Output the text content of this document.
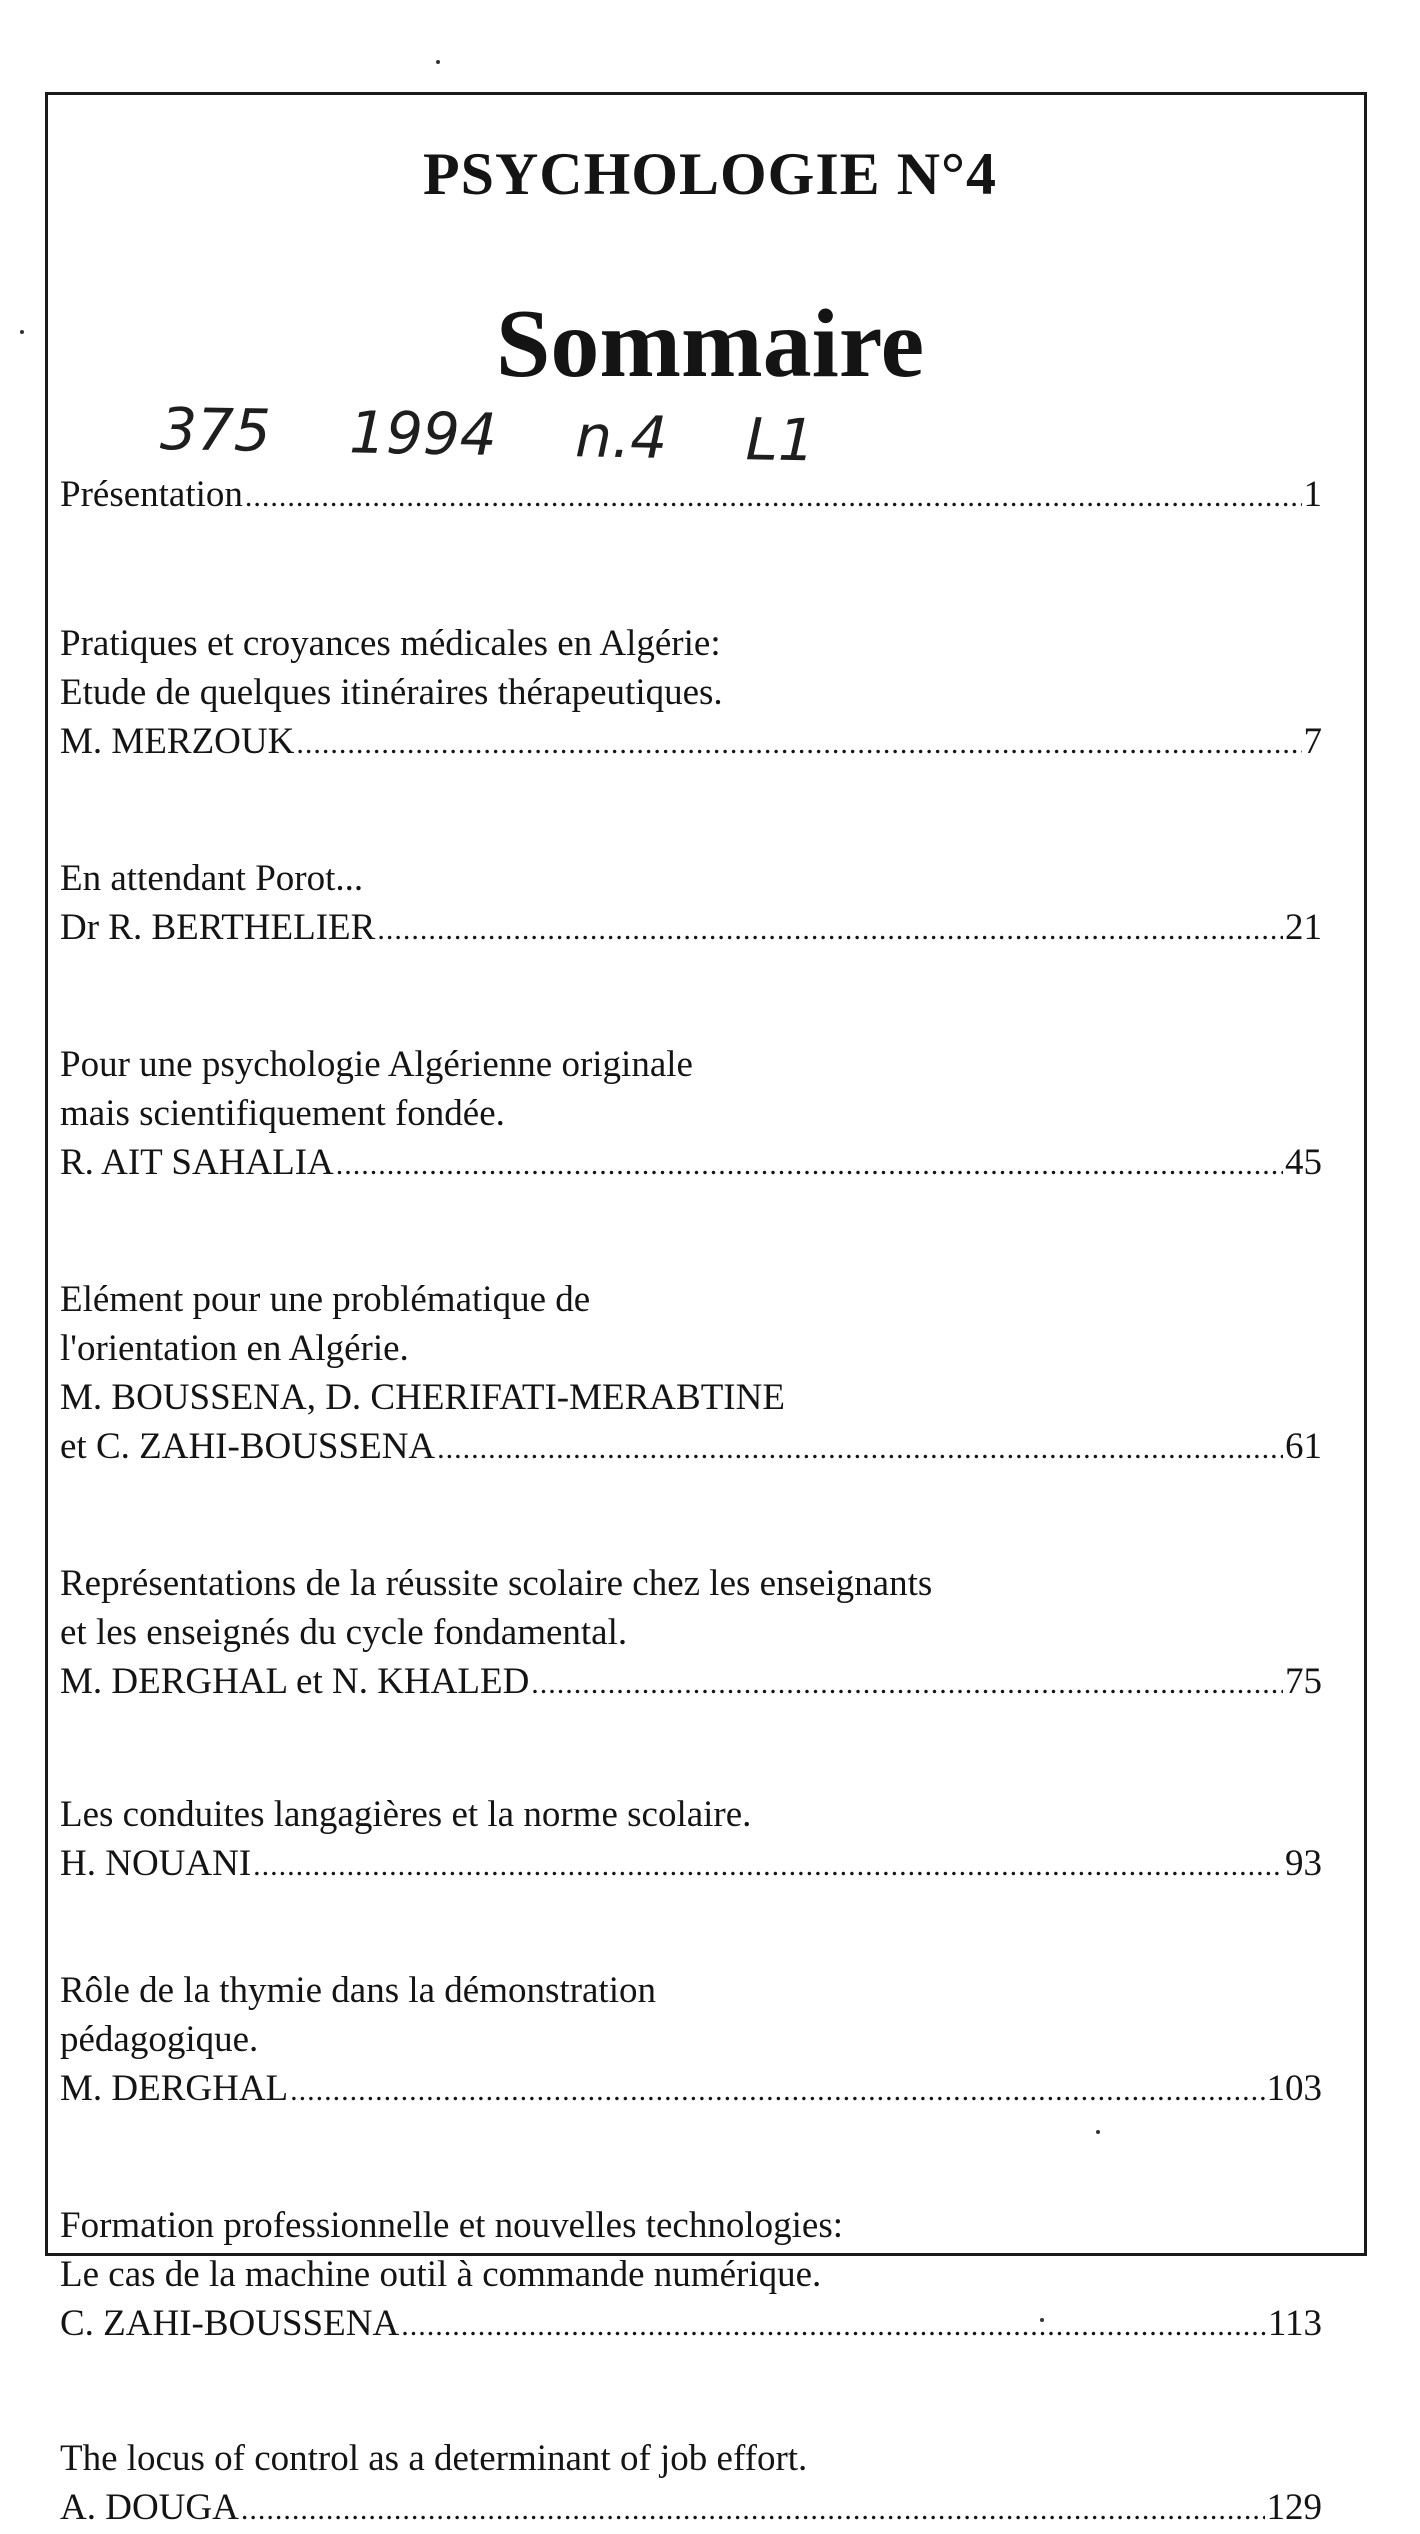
PSYCHOLOGIE N°4
Sommaire
375 1994 n.4 L1
Présentation .....	1
Pratiques et croyances médicales en Algérie:
Etude de quelques itinéraires thérapeutiques.
M. MERZOUK .....	7
En attendant Porot...
Dr R. BERTHELIER .....	21
Pour une psychologie Algérienne originale
mais scientifiquement fondée.
R. AIT SAHALIA .....	45
Elément pour une problématique de
l'orientation en Algérie.
M. BOUSSENA, D. CHERIFATI-MERABTINE
et C. ZAHI-BOUSSENA .....	61
Représentations de la réussite scolaire chez les enseignants
et les enseignés du cycle fondamental.
M. DERGHAL et N. KHALED .....	75
Les conduites langagières et la norme scolaire.
H. NOUANI .....	93
Rôle de la thymie dans la démonstration
pédagogique.
M. DERGHAL .....	103
Formation professionnelle et nouvelles technologies:
Le cas de la machine outil à commande numérique.
C. ZAHI-BOUSSENA .....	113
The locus of control as a determinant of job effort.
A. DOUGA .....	129
